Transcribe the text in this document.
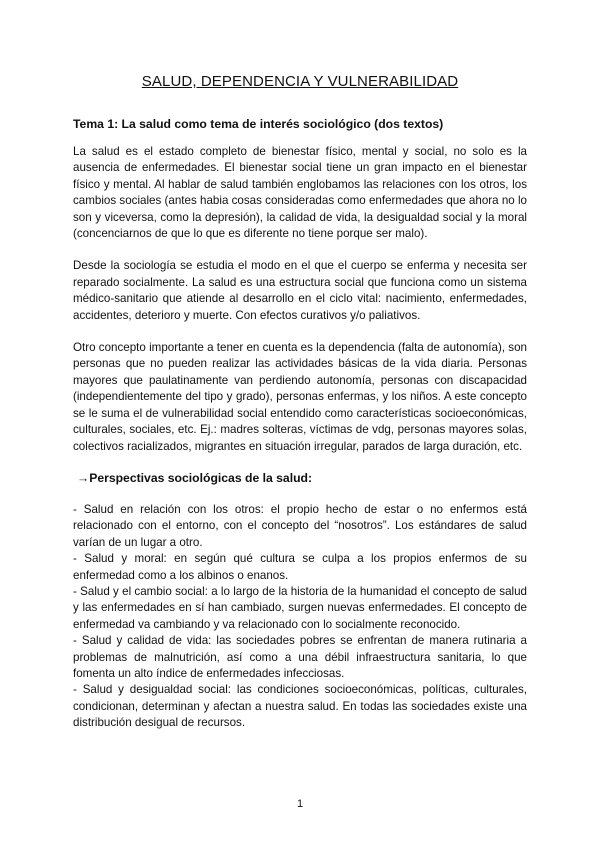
SALUD, DEPENDENCIA Y VULNERABILIDAD
Tema 1: La salud como tema de interés sociológico (dos textos)

La salud es el estado completo de bienestar físico, mental y social, no solo es la ausencia de enfermedades. El bienestar social tiene un gran impacto en el bienestar físico y mental. Al hablar de salud también englobamos las relaciones con los otros, los cambios sociales (antes habia cosas consideradas como enfermedades que ahora no lo son y viceversa, como la depresión), la calidad de vida, la desigualdad social y la moral (concenciarnos de que lo que es diferente no tiene porque ser malo).

Desde la sociología se estudia el modo en el que el cuerpo se enferma y necesita ser reparado socialmente. La salud es una estructura social que funciona como un sistema médico-sanitario que atiende al desarrollo en el ciclo vital: nacimiento, enfermedades, accidentes, deterioro y muerte. Con efectos curativos y/o paliativos.

Otro concepto importante a tener en cuenta es la dependencia (falta de autonomía), son personas que no pueden realizar las actividades básicas de la vida diaria. Personas mayores que paulatinamente van perdiendo autonomía, personas con discapacidad (independientemente del tipo y grado), personas enfermas, y los niños. A este concepto se le suma el de vulnerabilidad social entendido como características socioeconómicas, culturales, sociales, etc. Ej.: madres solteras, víctimas de vdg, personas mayores solas, colectivos racializados, migrantes en situación irregular, parados de larga duración, etc.

→Perspectivas sociológicas de la salud:

- Salud en relación con los otros: el propio hecho de estar o no enfermos está relacionado con el entorno, con el concepto del “nosotros”. Los estándares de salud varían de un lugar a otro.

- Salud y moral: en según qué cultura se culpa a los propios enfermos de su enfermedad como a los albinos o enanos.

- Salud y el cambio social: a lo largo de la historia de la humanidad el concepto de salud y las enfermedades en sí han cambiado, surgen nuevas enfermedades. El concepto de enfermedad va cambiando y va relacionado con lo socialmente reconocido.

- Salud y calidad de vida: las sociedades pobres se enfrentan de manera rutinaria a problemas de malnutrición, así como a una débil infraestructura sanitaria, lo que fomenta un alto índice de enfermedades infecciosas.

- Salud y desigualdad social: las condiciones socioeconómicas, políticas, culturales, condicionan, determinan y afectan a nuestra salud. En todas las sociedades existe una distribución desigual de recursos.

1
